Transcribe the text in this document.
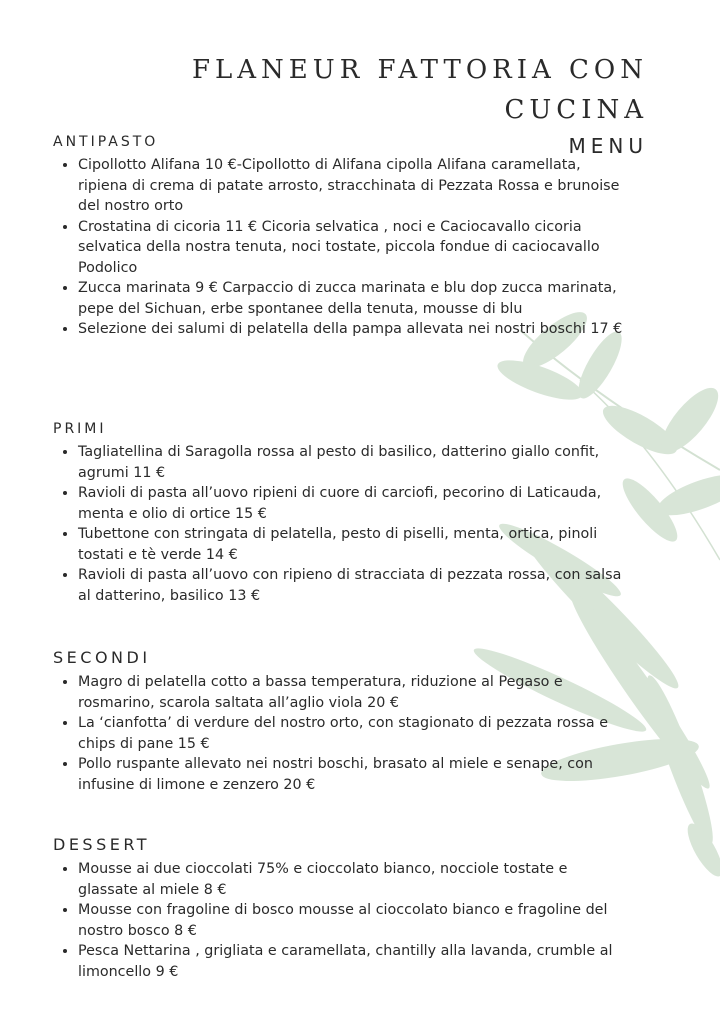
FLANEUR FATTORIA CON CUCINA
MENU
ANTIPASTO
• Cipollotto Alifana 10 €-Cipollotto di Alifana cipolla Alifana caramellata, ripiena di crema di patate arrosto, stracchinata di Pezzata Rossa e brunoise del nostro orto
• Crostatina di cicoria 11 € Cicoria selvatica , noci e Caciocavallo cicoria selvatica della nostra tenuta, noci tostate, piccola fondue di caciocavallo Podolico
• Zucca marinata 9 € Carpaccio di zucca marinata e blu dop zucca marinata, pepe del Sichuan, erbe spontanee della tenuta, mousse di blu
• Selezione dei salumi di pelatella della pampa allevata nei nostri boschi 17 €
PRIMI
• Tagliatellina di Saragolla rossa al pesto di basilico, datterino giallo confit, agrumi 11 €
• Ravioli di pasta all’uovo ripieni di cuore di carciofi, pecorino di Laticauda, menta e olio di ortice 15 €
• Tubettone con stringata di pelatella, pesto di piselli, menta, ortica, pinoli tostati e tè verde 14 €
• Ravioli di pasta all’uovo con ripieno di stracciata di pezzata rossa, con salsa al datterino, basilico 13 €
SECONDI
• Magro di pelatella cotto a bassa temperatura, riduzione al Pegaso e rosmarino, scarola saltata all’aglio viola 20 €
• La ‘cianfotta’ di verdure del nostro orto, con stagionato di pezzata rossa e chips di pane 15 €
• Pollo ruspante allevato nei nostri boschi, brasato al miele e senape, con infusine di limone e zenzero 20 €
DESSERT
• Mousse ai due cioccolati 75% e cioccolato bianco, nocciole tostate e glassate al miele 8 €
• Mousse con fragoline di bosco mousse al cioccolato bianco e fragoline del nostro bosco 8 €
• Pesca Nettarina , grigliata e caramellata, chantilly alla lavanda, crumble al limoncello 9 €
